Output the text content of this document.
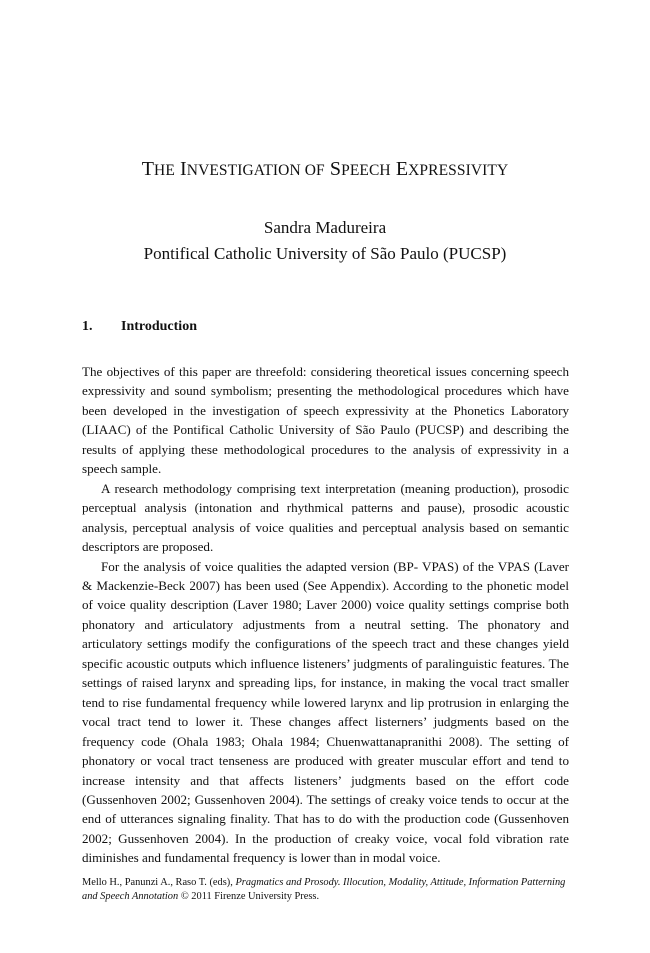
THE INVESTIGATION OF SPEECH EXPRESSIVITY
Sandra Madureira
Pontifical Catholic University of São Paulo (PUCSP)
1. Introduction

The objectives of this paper are threefold: considering theoretical issues concerning speech expressivity and sound symbolism; presenting the methodological procedures which have been developed in the investigation of speech expressivity at the Phonetics Laboratory (LIAAC) of the Pontifical Catholic University of São Paulo (PUCSP) and describing the results of applying these methodological procedures to the analysis of expressivity in a speech sample.

A research methodology comprising text interpretation (meaning production), prosodic perceptual analysis (intonation and rhythmical patterns and pause), prosodic acoustic analysis, perceptual analysis of voice qualities and perceptual analysis based on semantic descriptors are proposed.

For the analysis of voice qualities the adapted version (BP- VPAS) of the VPAS (Laver & Mackenzie-Beck 2007) has been used (See Appendix). According to the phonetic model of voice quality description (Laver 1980; Laver 2000) voice quality settings comprise both phonatory and articulatory adjustments from a neutral setting. The phonatory and articulatory settings modify the configurations of the speech tract and these changes yield specific acoustic outputs which influence listeners’ judgments of paralinguistic features. The settings of raised larynx and spreading lips, for instance, in making the vocal tract smaller tend to rise fundamental frequency while lowered larynx and lip protrusion in enlarging the vocal tract tend to lower it. These changes affect listerners’ judgments based on the frequency code (Ohala 1983; Ohala 1984; Chuenwattanapranithi 2008). The setting of phonatory or vocal tract tenseness are produced with greater muscular effort and tend to increase intensity and that affects listeners’ judgments based on the effort code (Gussenhoven 2002; Gussenhoven 2004). The settings of creaky voice tends to occur at the end of utterances signaling finality. That has to do with the production code (Gussenhoven 2002; Gussenhoven 2004). In the production of creaky voice, vocal fold vibration rate diminishes and fundamental frequency is lower than in modal voice.

Mello H., Panunzi A., Raso T. (eds), Pragmatics and Prosody. Illocution, Modality, Attitude, Information Patterning and Speech Annotation © 2011 Firenze University Press.
